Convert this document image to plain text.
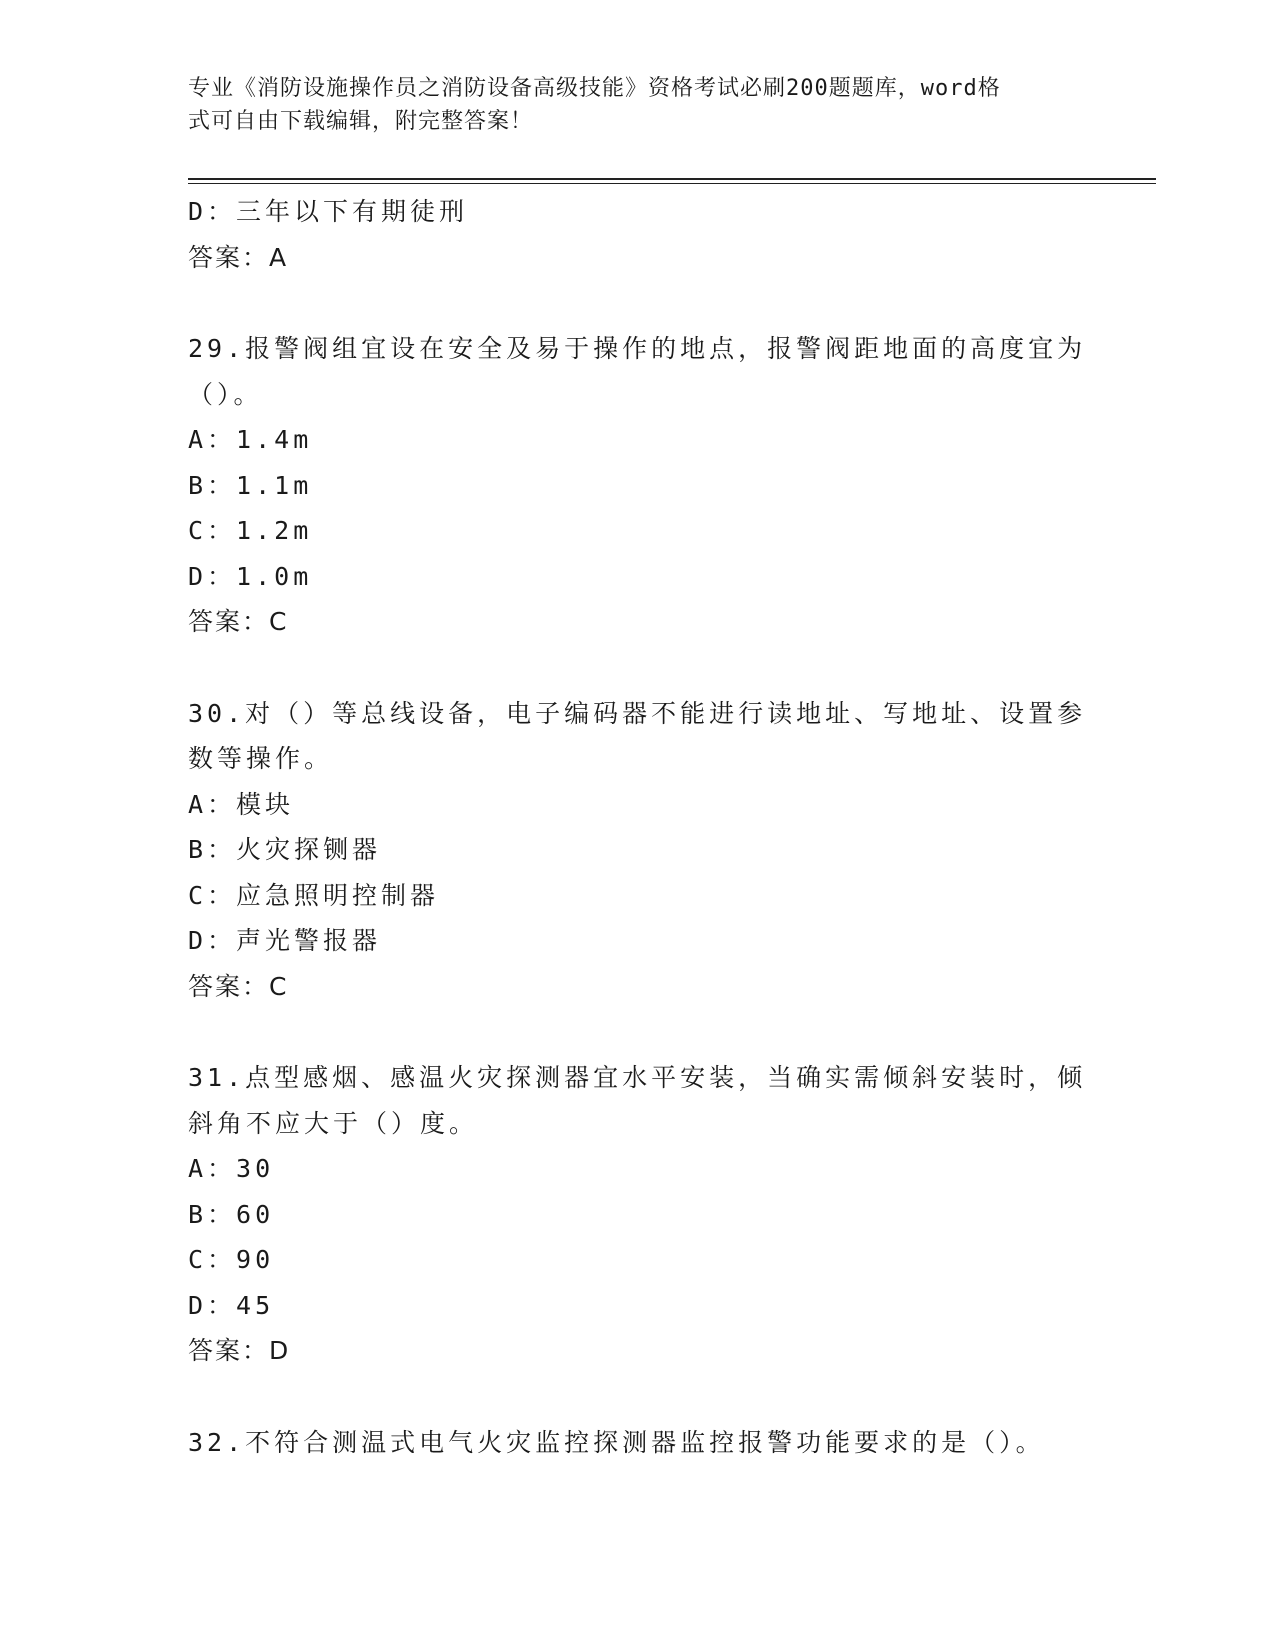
专业《消防设施操作员之消防设备高级技能》资格考试必刷200题题库，word格
式可自由下载编辑，附完整答案！
D：三年以下有期徒刑
答案：A
29.报警阀组宜设在安全及易于操作的地点，报警阀距地面的高度宜为
（）。
A：1.4m
B：1.1m
C：1.2m
D：1.0m
答案：C
30.对（）等总线设备，电子编码器不能进行读地址、写地址、设置参
数等操作。
A：模块
B：火灾探铡器
C：应急照明控制器
D：声光警报器
答案：C
31.点型感烟、感温火灾探测器宜水平安装，当确实需倾斜安装时，倾
斜角不应大于（）度。
A：30
B：60
C：90
D：45
答案：D
32.不符合测温式电气火灾监控探测器监控报警功能要求的是（）。
